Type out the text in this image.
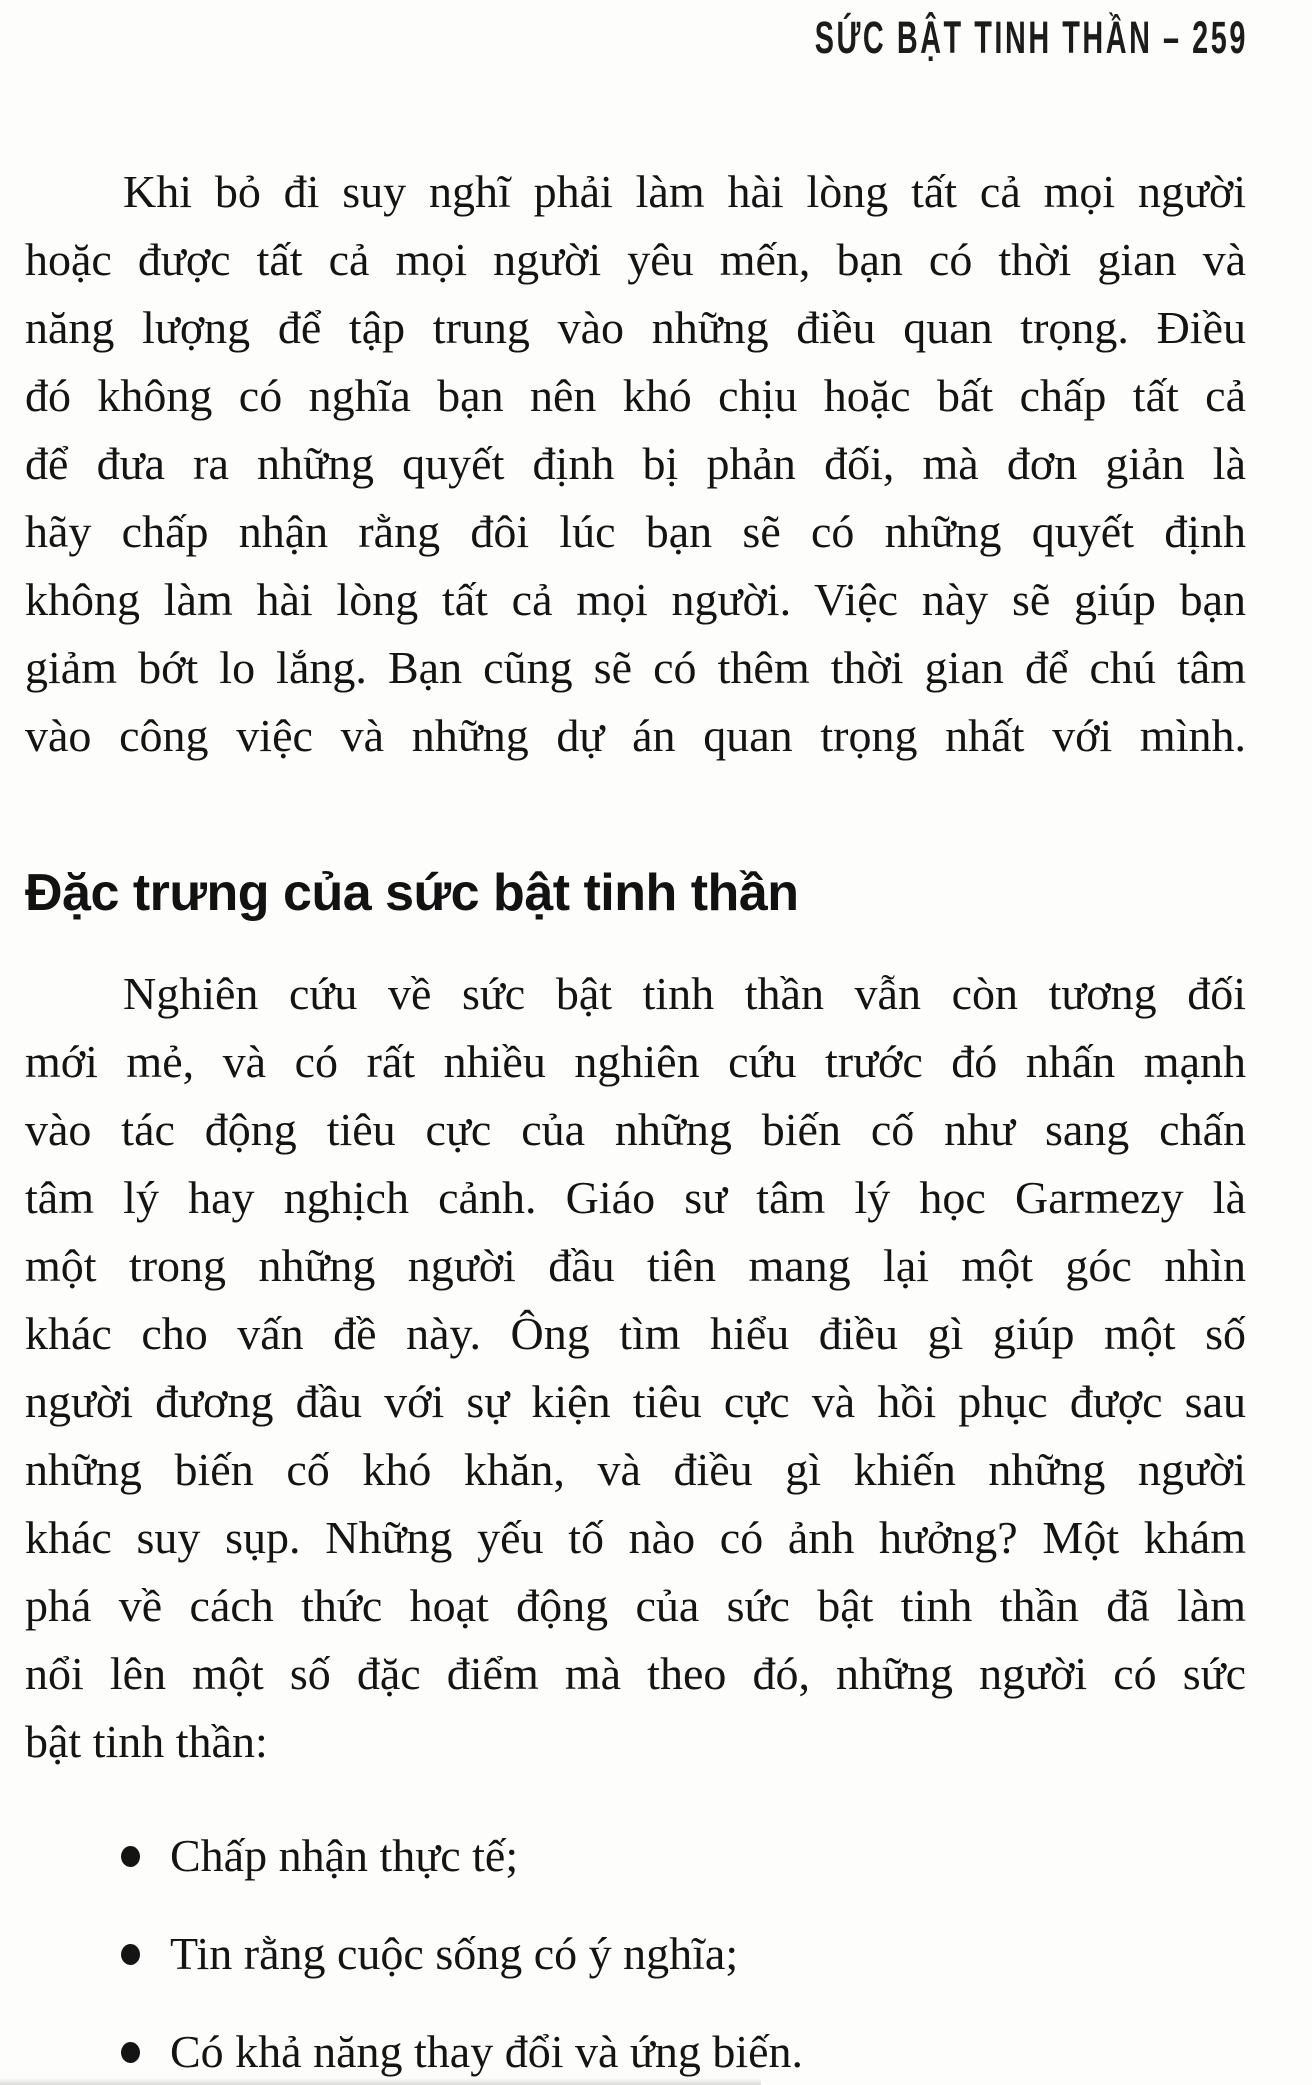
SỨC BẬT TINH THẦN – 259
Khi bỏ đi suy nghĩ phải làm hài lòng tất cả mọi người
hoặc được tất cả mọi người yêu mến, bạn có thời gian và
năng lượng để tập trung vào những điều quan trọng. Điều
đó không có nghĩa bạn nên khó chịu hoặc bất chấp tất cả
để đưa ra những quyết định bị phản đối, mà đơn giản là
hãy chấp nhận rằng đôi lúc bạn sẽ có những quyết định
không làm hài lòng tất cả mọi người. Việc này sẽ giúp bạn
giảm bớt lo lắng. Bạn cũng sẽ có thêm thời gian để chú tâm
vào công việc và những dự án quan trọng nhất với mình.
Đặc trưng của sức bật tinh thần
Nghiên cứu về sức bật tinh thần vẫn còn tương đối
mới mẻ, và có rất nhiều nghiên cứu trước đó nhấn mạnh
vào tác động tiêu cực của những biến cố như sang chấn
tâm lý hay nghịch cảnh. Giáo sư tâm lý học Garmezy là
một trong những người đầu tiên mang lại một góc nhìn
khác cho vấn đề này. Ông tìm hiểu điều gì giúp một số
người đương đầu với sự kiện tiêu cực và hồi phục được sau
những biến cố khó khăn, và điều gì khiến những người
khác suy sụp. Những yếu tố nào có ảnh hưởng? Một khám
phá về cách thức hoạt động của sức bật tinh thần đã làm
nổi lên một số đặc điểm mà theo đó, những người có sức
bật tinh thần:
Chấp nhận thực tế;
Tin rằng cuộc sống có ý nghĩa;
Có khả năng thay đổi và ứng biến.
